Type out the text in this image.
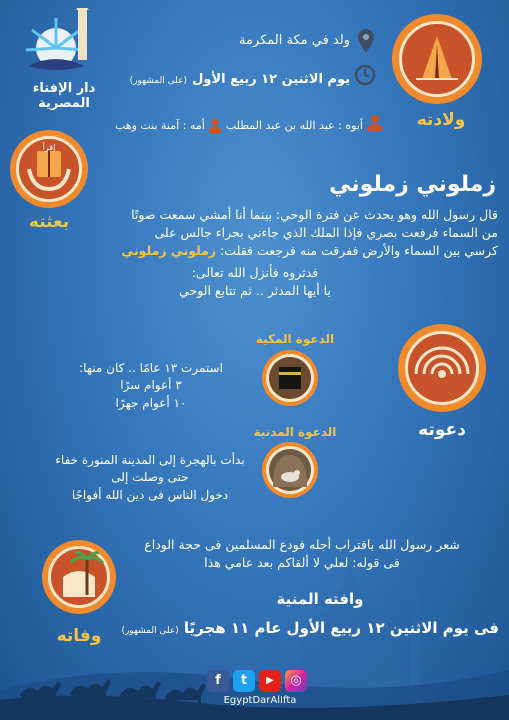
دار الإفتاء
المصرية
ولادته
ولد في مكة المكرمة
يوم الاثنين ١٢ ربيع الأول (على المشهور)
أبوه : عبد الله بن عبد المطلب  أمه : آمنة بنت وهب
إقرأ
بعثته
زملوني زملوني
قال رسول الله وهو يحدث عن فترة الوحي: بينما أنا أمشي سمعت صوتًا
من السماء فرفعت بصري فإذا الملك الذي جاءني بحراء جالس على
كرسي بين السماء والأرض ففرقت منه فرجعت فقلت: زملوني زملوني
فدثروه فأنزل الله تعالى:
يا أيها المدثر .. ثم تتابع الوحي
دعوته
الدعوة المكية
استمرت ١٣ عامًا .. كان منها:
٣ أعوام سرًا
١٠ أعوام جهرًا
الدعوة المدنية
بدأت بالهجرة إلى المدينة المنورة خفاء
حتى وصلت إلى
دخول الناس فى دين الله أفواجًا
وفاته
شعر رسول الله باقتراب أجله فودع المسلمين فى حجة الوداع
فى قوله: لعلي لا ألقاكم بعد عامي هذا
وافته المنية
فى يوم الاثنين ١٢ ربيع الأول عام ١١ هجريًا (على المشهور)
f	t	▶	◎
EgyptDarAlIfta
